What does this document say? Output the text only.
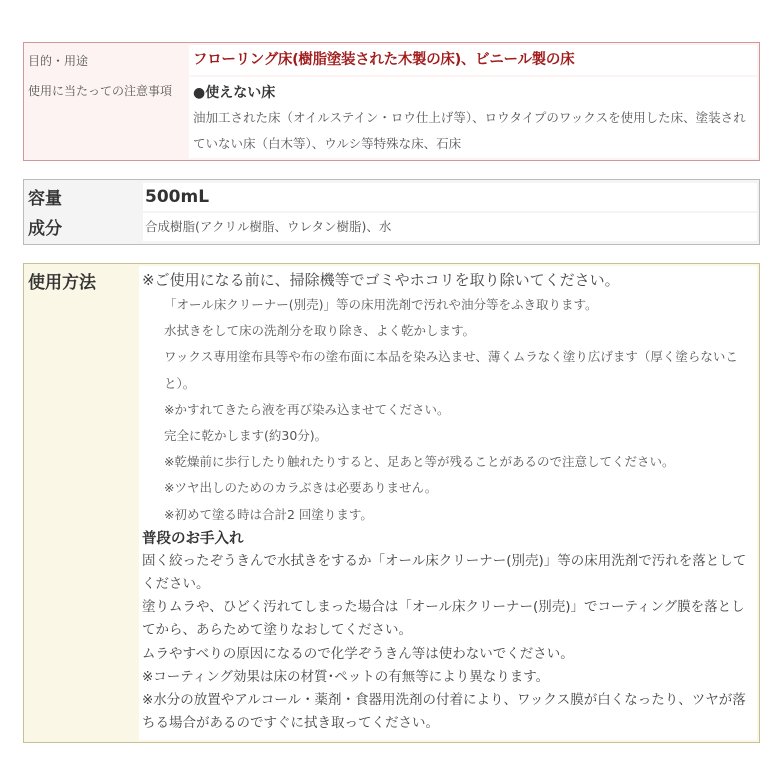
目的・用途	フローリング床(樹脂塗装された木製の床)、ビニール製の床
使用に当たっての注意事項 ●使えない床
油加工された床（オイルステイン・ロウ仕上げ等）、ロウタイプのワックスを使用した床、塗装されていない床（白木等）、ウルシ等特殊な床、石床
容量	500mL
成分	合成樹脂(アクリル樹脂、ウレタン樹脂)、水
使用方法	※ご使用になる前に、掃除機等でゴミやホコリを取り除いてください。
「オール床クリーナー(別売)」等の床用洗剤で汚れや油分等をふき取ります。
水拭きをして床の洗剤分を取り除き、よく乾かします。
ワックス専用塗布具等や布の塗布面に本品を染み込ませ、薄くムラなく塗り広げます（厚く塗らないこと）。
※かすれてきたら液を再び染み込ませてください。
完全に乾かします(約30分)。
※乾燥前に歩行したり触れたりすると、足あと等が残ることがあるので注意してください。
※ツヤ出しのためのカラぶきは必要ありません。
※初めて塗る時は合計2 回塗ります。
普段のお手入れ

固く絞ったぞうきんで水拭きをするか「オール床クリーナー(別売)」等の床用洗剤で汚れを落としてください。

塗りムラや、ひどく汚れてしまった場合は「オール床クリーナー(別売)」でコーティング膜を落としてから、あらためて塗りなおしてください。

ムラやすべりの原因になるので化学ぞうきん等は使わないでください。

※コーティング効果は床の材質･ペットの有無等により異なります。

※水分の放置やアルコール・薬剤・食器用洗剤の付着により、ワックス膜が白くなったり、ツヤが落ちる場合があるのですぐに拭き取ってください。
